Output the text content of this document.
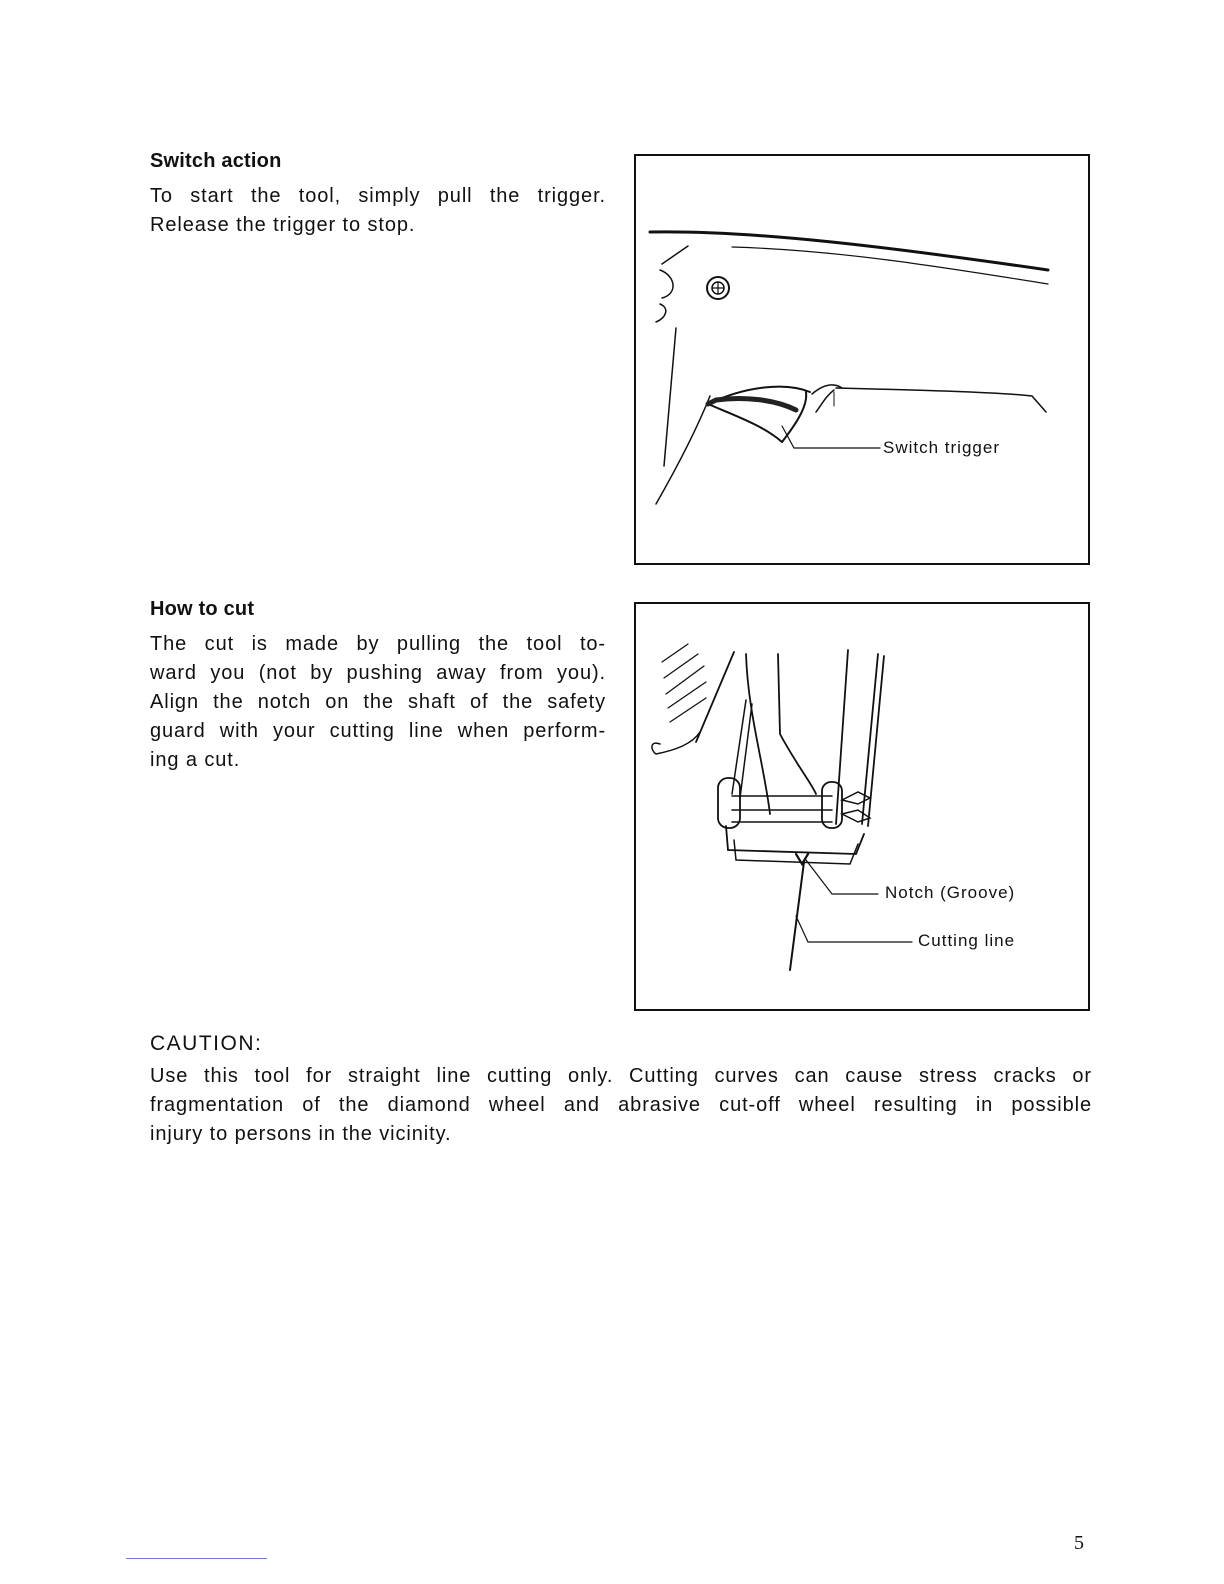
Switch action
To start the tool, simply pull the trigger.
Release the trigger to stop.
Switch trigger
How to cut
The cut is made by pulling the tool to-
ward you (not by pushing away from you).
Align the notch on the shaft of the safety
guard with your cutting line when perform-
ing a cut.
Notch (Groove)
Cutting line
CAUTION:
Use this tool for straight line cutting only. Cutting curves can cause stress cracks or
fragmentation of the diamond wheel and abrasive cut-off wheel resulting in possible
injury to persons in the vicinity.
5
